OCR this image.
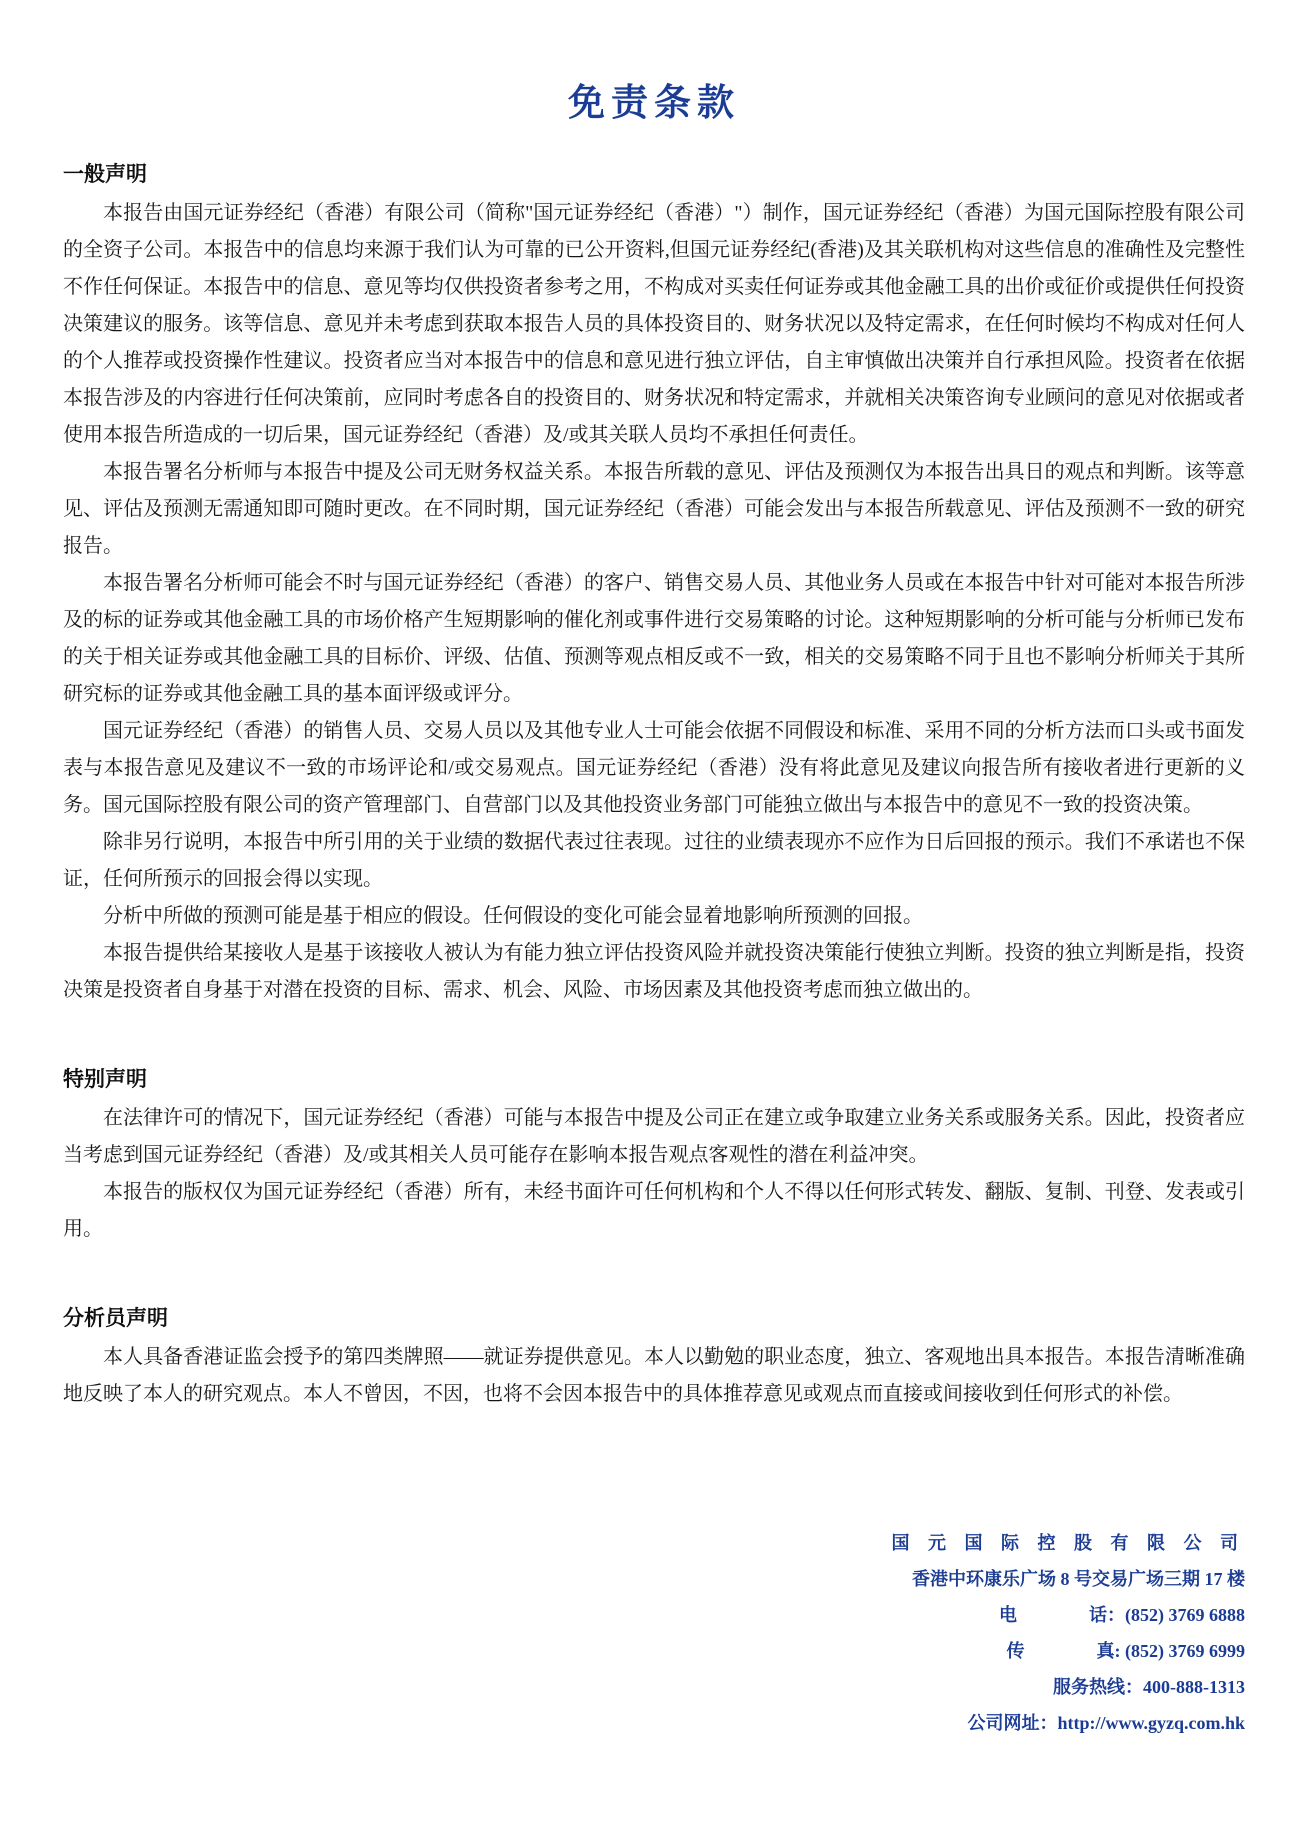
免责条款
一般声明

本报告由国元证券经纪（香港）有限公司（简称"国元证券经纪（香港）"）制作，国元证券经纪（香港）为国元国际控股有限公司的全资子公司。本报告中的信息均来源于我们认为可靠的已公开资料,但国元证券经纪(香港)及其关联机构对这些信息的准确性及完整性不作任何保证。本报告中的信息、意见等均仅供投资者参考之用，不构成对买卖任何证券或其他金融工具的出价或征价或提供任何投资决策建议的服务。该等信息、意见并未考虑到获取本报告人员的具体投资目的、财务状况以及特定需求，在任何时候均不构成对任何人的个人推荐或投资操作性建议。投资者应当对本报告中的信息和意见进行独立评估，自主审慎做出决策并自行承担风险。投资者在依据本报告涉及的内容进行任何决策前，应同时考虑各自的投资目的、财务状况和特定需求，并就相关决策咨询专业顾问的意见对依据或者使用本报告所造成的一切后果，国元证券经纪（香港）及/或其关联人员均不承担任何责任。

本报告署名分析师与本报告中提及公司无财务权益关系。本报告所载的意见、评估及预测仅为本报告出具日的观点和判断。该等意见、评估及预测无需通知即可随时更改。在不同时期，国元证券经纪（香港）可能会发出与本报告所载意见、评估及预测不一致的研究报告。

本报告署名分析师可能会不时与国元证券经纪（香港）的客户、销售交易人员、其他业务人员或在本报告中针对可能对本报告所涉及的标的证券或其他金融工具的市场价格产生短期影响的催化剂或事件进行交易策略的讨论。这种短期影响的分析可能与分析师已发布的关于相关证券或其他金融工具的目标价、评级、估值、预测等观点相反或不一致，相关的交易策略不同于且也不影响分析师关于其所研究标的证券或其他金融工具的基本面评级或评分。

国元证券经纪（香港）的销售人员、交易人员以及其他专业人士可能会依据不同假设和标准、采用不同的分析方法而口头或书面发表与本报告意见及建议不一致的市场评论和/或交易观点。国元证券经纪（香港）没有将此意见及建议向报告所有接收者进行更新的义务。国元国际控股有限公司的资产管理部门、自营部门以及其他投资业务部门可能独立做出与本报告中的意见不一致的投资决策。

除非另行说明，本报告中所引用的关于业绩的数据代表过往表现。过往的业绩表现亦不应作为日后回报的预示。我们不承诺也不保证，任何所预示的回报会得以实现。

分析中所做的预测可能是基于相应的假设。任何假设的变化可能会显着地影响所预测的回报。

本报告提供给某接收人是基于该接收人被认为有能力独立评估投资风险并就投资决策能行使独立判断。投资的独立判断是指，投资决策是投资者自身基于对潜在投资的目标、需求、机会、风险、市场因素及其他投资考虑而独立做出的。

特别声明

在法律许可的情况下，国元证券经纪（香港）可能与本报告中提及公司正在建立或争取建立业务关系或服务关系。因此，投资者应当考虑到国元证券经纪（香港）及/或其相关人员可能存在影响本报告观点客观性的潜在利益冲突。

本报告的版权仅为国元证券经纪（香港）所有，未经书面许可任何机构和个人不得以任何形式转发、翻版、复制、刊登、发表或引用。

分析员声明

本人具备香港证监会授予的第四类牌照——就证券提供意见。本人以勤勉的职业态度，独立、客观地出具本报告。本报告清晰准确地反映了本人的研究观点。本人不曾因，不因，也将不会因本报告中的具体推荐意见或观点而直接或间接收到任何形式的补偿。

国 元 国 际 控 股 有 限 公 司
香港中环康乐广场 8 号交易广场三期 17 楼
电　　　　话：(852) 3769 6888
传　　　　真: (852) 3769 6999
服务热线：400-888-1313
公司网址：http://www.gyzq.com.hk
